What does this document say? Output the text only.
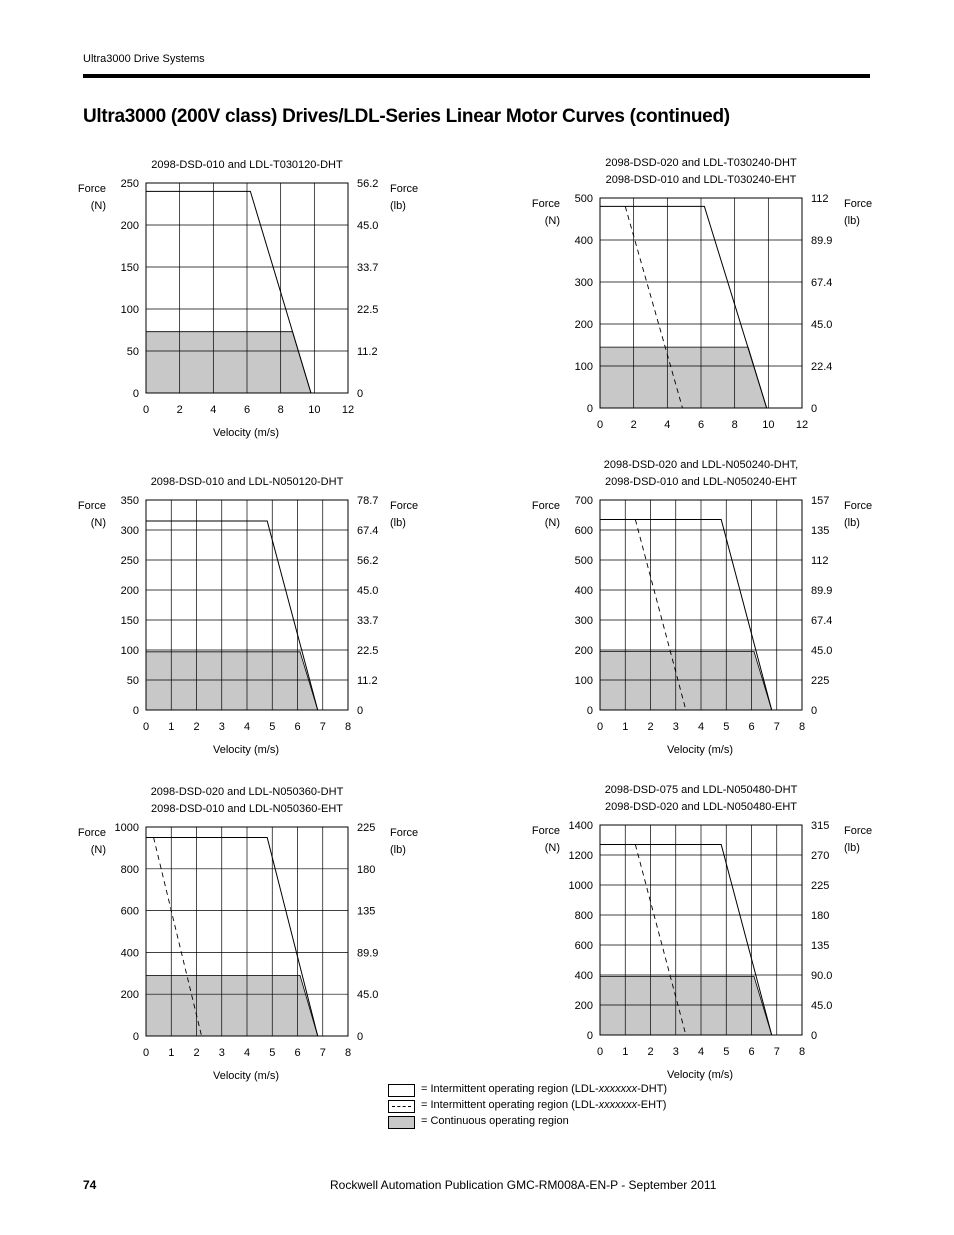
Ultra3000 Drive Systems
Ultra3000 (200V class) Drives/LDL-Series Linear Motor Curves (continued)
2098-DSD-010 and LDL-T030120-DHT
0	2	4	6	8 10 12
0
50
100
150
200
250
0
11.2
22.5
33.7
45.0
56.2
Force
(N)
Force
(lb)
Velocity (m/s)
2098-DSD-020 and LDL-T030240-DHT
2098-DSD-010 and LDL-T030240-EHT
0	2	4	6	8 10 12
0
100
200
300
400
500
0
22.4
45.0
67.4
89.9
112
Force
(N)
Force
(lb)
2098-DSD-010 and LDL-N050120-DHT
0 1 2 3 4 5 6 7 8
0
50
100
150
200
250
300
350
0
11.2
22.5
33.7
45.0
56.2
67.4
78.7
Force
(N)
Force
(lb)
Velocity (m/s)
2098-DSD-020 and LDL-N050240-DHT,
2098-DSD-010 and LDL-N050240-EHT
0 1 2 3 4 5 6 7 8
0
100
200
300
400
500
600
700
0
225
45.0
67.4
89.9
112
135
157
Force
(N)
Force
(lb)
Velocity (m/s)
2098-DSD-020 and LDL-N050360-DHT
2098-DSD-010 and LDL-N050360-EHT
0 1 2 3 4 5 6 7 8
0
200
400
600
800
1000
0
45.0
89.9
135
180
225
Force
(N)
Force
(lb)
Velocity (m/s)
2098-DSD-075 and LDL-N050480-DHT
2098-DSD-020 and LDL-N050480-EHT
0 1 2 3 4 5 6 7 8
0
200
400
600
800
1000
1200
1400
0
45.0
90.0
135
180
225
270
315
Force
(N)
Force
(lb)
Velocity (m/s)
= Intermittent operating region (LDL-xxxxxxx-DHT)
= Intermittent operating region (LDL-xxxxxxx-EHT)
= Continuous operating region
74	Rockwell Automation Publication GMC-RM008A-EN-P - September 2011
